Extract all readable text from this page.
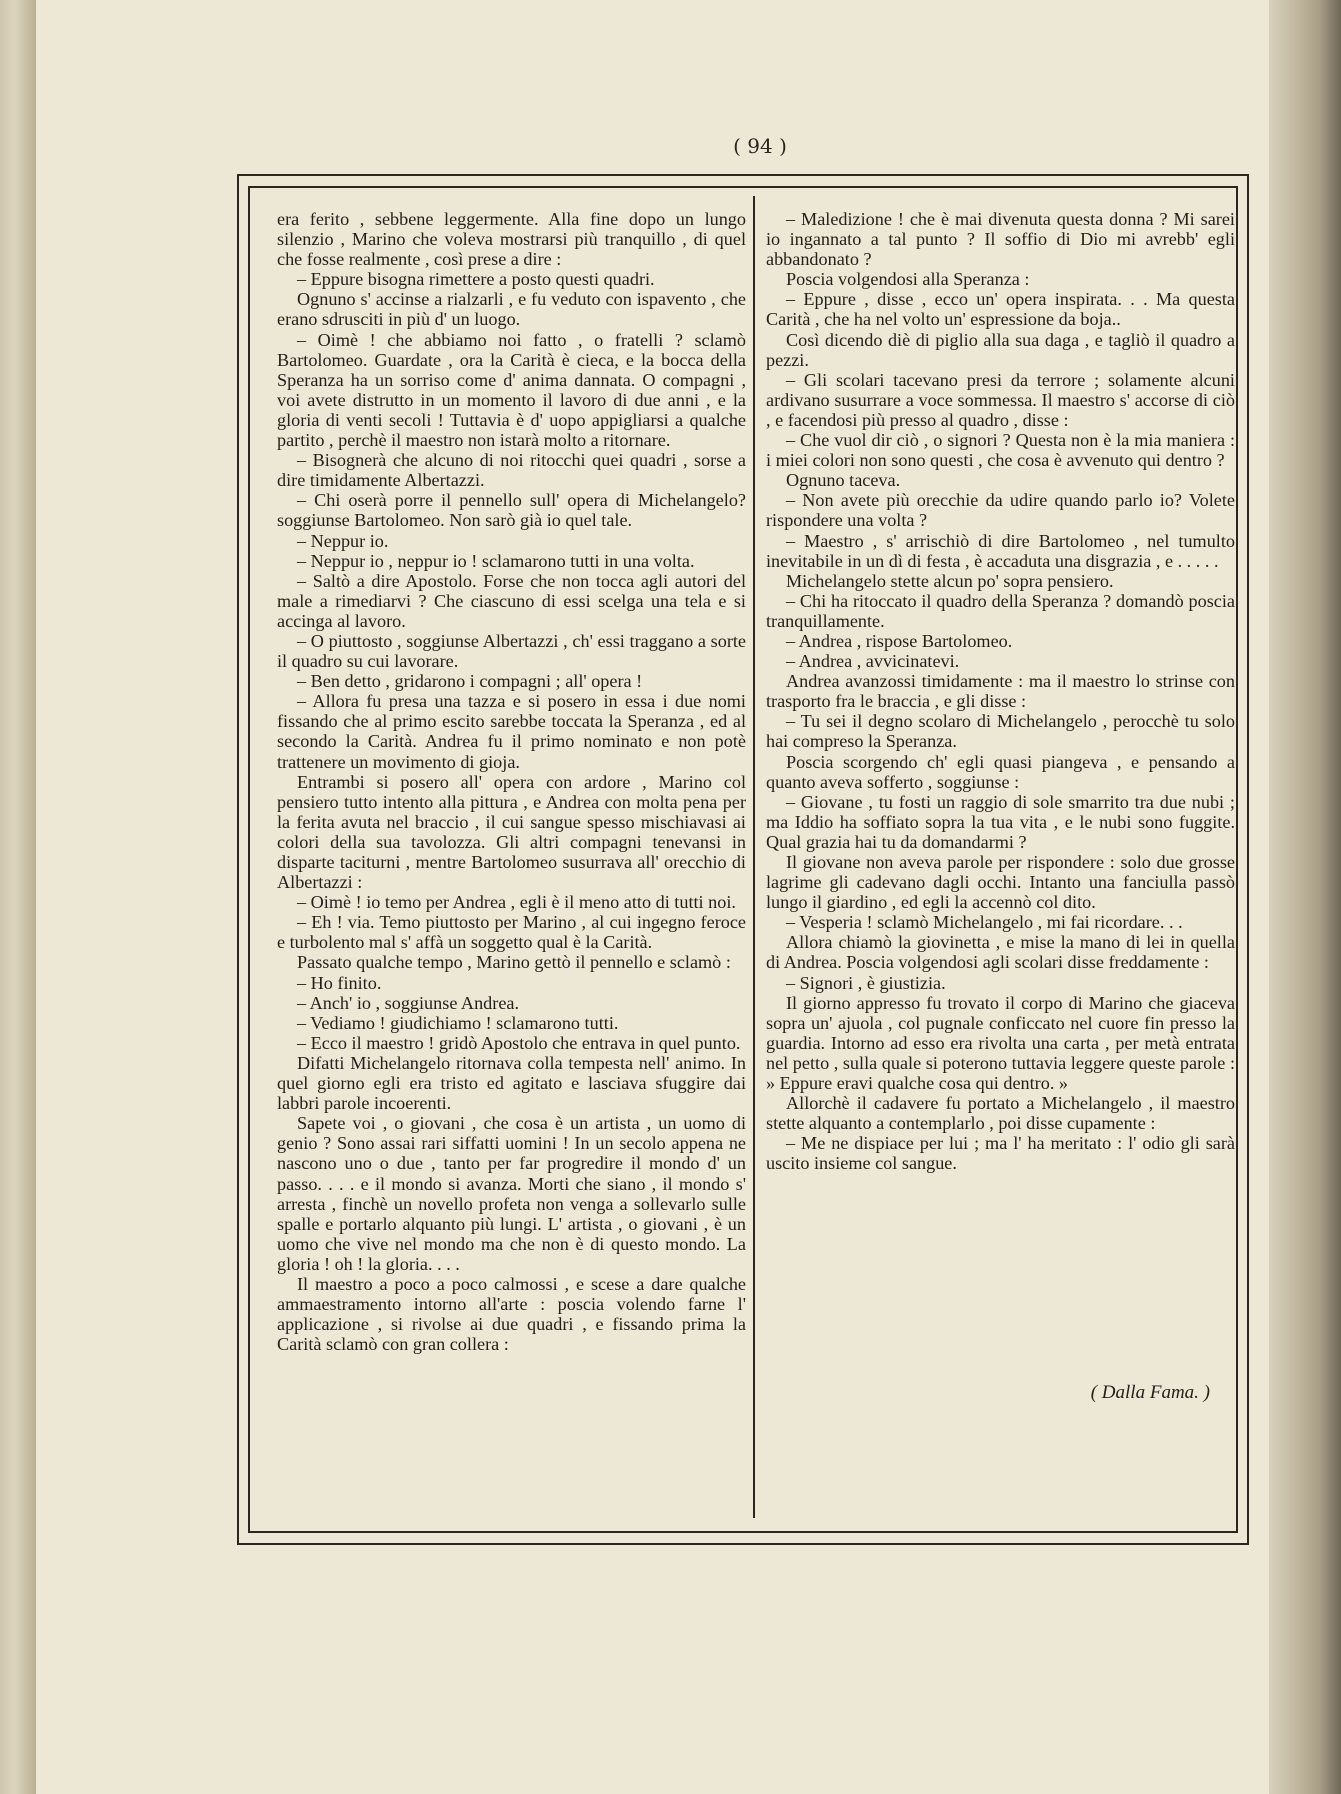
( 94 )

era ferito , sebbene leggermente. Alla fine dopo un lungo silenzio , Marino che voleva mostrarsi più tranquillo , di quel che fosse realmente , così prese a dire :

– Eppure bisogna rimettere a posto questi quadri.

Ognuno s' accinse a rialzarli , e fu veduto con ispavento , che erano sdrusciti in più d' un luogo.

– Oimè ! che abbiamo noi fatto , o fratelli ? sclamò Bartolomeo. Guardate , ora la Carità è cieca, e la bocca della Speranza ha un sorriso come d' anima dannata. O compagni , voi avete distrutto in un momento il lavoro di due anni , e la gloria di venti secoli ! Tuttavia è d' uopo appigliarsi a qualche partito , perchè il maestro non istarà molto a ritornare.

– Bisognerà che alcuno di noi ritocchi quei quadri , sorse a dire timidamente Albertazzi.

– Chi oserà porre il pennello sull' opera di Michelangelo? soggiunse Bartolomeo. Non sarò già io quel tale.

– Neppur io.

– Neppur io , neppur io ! sclamarono tutti in una volta.

– Saltò a dire Apostolo. Forse che non tocca agli autori del male a rimediarvi ? Che ciascuno di essi scelga una tela e si accinga al lavoro.

– O piuttosto , soggiunse Albertazzi , ch' essi traggano a sorte il quadro su cui lavorare.

– Ben detto , gridarono i compagni ; all' opera !

– Allora fu presa una tazza e si posero in essa i due nomi fissando che al primo escito sarebbe toccata la Speranza , ed al secondo la Carità. Andrea fu il primo nominato e non potè trattenere un movimento di gioja.

Entrambi si posero all' opera con ardore , Marino col pensiero tutto intento alla pittura , e Andrea con molta pena per la ferita avuta nel braccio , il cui sangue spesso mischiavasi ai colori della sua tavolozza. Gli altri compagni tenevansi in disparte taciturni , mentre Bartolomeo susurrava all' orecchio di Albertazzi :

– Oimè ! io temo per Andrea , egli è il meno atto di tutti noi.

– Eh ! via. Temo piuttosto per Marino , al cui ingegno feroce e turbolento mal s' affà un soggetto qual è la Carità.

Passato qualche tempo , Marino gettò il pennello e sclamò :

– Ho finito.

– Anch' io , soggiunse Andrea.

– Vediamo ! giudichiamo ! sclamarono tutti.

– Ecco il maestro ! gridò Apostolo che entrava in quel punto.

Difatti Michelangelo ritornava colla tempesta nell' animo. In quel giorno egli era tristo ed agitato e lasciava sfuggire dai labbri parole incoerenti.

Sapete voi , o giovani , che cosa è un artista , un uomo di genio ? Sono assai rari siffatti uomini ! In un secolo appena ne nascono uno o due , tanto per far progredire il mondo d' un passo. . . . e il mondo si avanza. Morti che siano , il mondo s' arresta , finchè un novello profeta non venga a sollevarlo sulle spalle e portarlo alquanto più lungi. L' artista , o giovani , è un uomo che vive nel mondo ma che non è di questo mondo. La gloria ! oh ! la gloria. . . .

Il maestro a poco a poco calmossi , e scese a dare qualche ammaestramento intorno all'arte : poscia volendo farne l' applicazione , si rivolse ai due quadri , e fissando prima la Carità sclamò con gran collera :

– Maledizione ! che è mai divenuta questa donna ? Mi sarei io ingannato a tal punto ? Il soffio di Dio mi avrebb' egli abbandonato ?

Poscia volgendosi alla Speranza :

– Eppure , disse , ecco un' opera inspirata. . . Ma questa Carità , che ha nel volto un' espressione da boja..

Così dicendo diè di piglio alla sua daga , e tagliò il quadro a pezzi.

– Gli scolari tacevano presi da terrore ; solamente alcuni ardivano susurrare a voce sommessa. Il maestro s' accorse di ciò , e facendosi più presso al quadro , disse :

– Che vuol dir ciò , o signori ? Questa non è la mia maniera : i miei colori non sono questi , che cosa è avvenuto qui dentro ?

Ognuno taceva.

– Non avete più orecchie da udire quando parlo io? Volete rispondere una volta ?

– Maestro , s' arrischiò di dire Bartolomeo , nel tumulto inevitabile in un dì di festa , è accaduta una disgrazia , e . . . . .

Michelangelo stette alcun po' sopra pensiero.

– Chi ha ritoccato il quadro della Speranza ? domandò poscia tranquillamente.

– Andrea , rispose Bartolomeo.

– Andrea , avvicinatevi.

Andrea avanzossi timidamente : ma il maestro lo strinse con trasporto fra le braccia , e gli disse :

– Tu sei il degno scolaro di Michelangelo , perocchè tu solo hai compreso la Speranza.

Poscia scorgendo ch' egli quasi piangeva , e pensando a quanto aveva sofferto , soggiunse :

– Giovane , tu fosti un raggio di sole smarrito tra due nubi ; ma Iddio ha soffiato sopra la tua vita , e le nubi sono fuggite. Qual grazia hai tu da domandarmi ?

Il giovane non aveva parole per rispondere : solo due grosse lagrime gli cadevano dagli occhi. Intanto una fanciulla passò lungo il giardino , ed egli la accennò col dito.

– Vesperia ! sclamò Michelangelo , mi fai ricordare. . .

Allora chiamò la giovinetta , e mise la mano di lei in quella di Andrea. Poscia volgendosi agli scolari disse freddamente :

– Signori , è giustizia.

Il giorno appresso fu trovato il corpo di Marino che giaceva sopra un' ajuola , col pugnale conficcato nel cuore fin presso la guardia. Intorno ad esso era rivolta una carta , per metà entrata nel petto , sulla quale si poterono tuttavia leggere queste parole : » Eppure eravi qualche cosa qui dentro. »

Allorchè il cadavere fu portato a Michelangelo , il maestro stette alquanto a contemplarlo , poi disse cupamente :

– Me ne dispiace per lui ; ma l' ha meritato : l' odio gli sarà uscito insieme col sangue.

( Dalla Fama. )
